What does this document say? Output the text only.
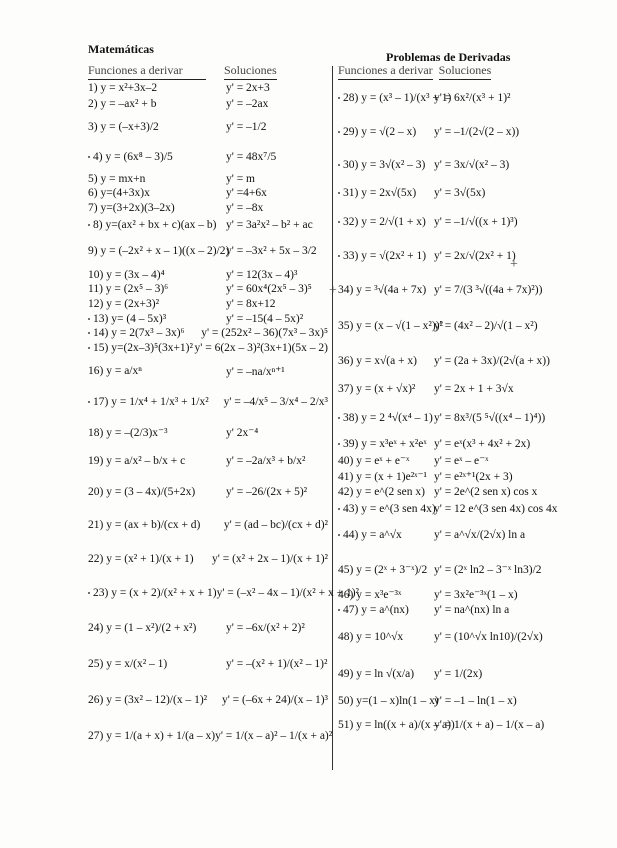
Matemáticas
Problemas de Derivadas
Funciones a derivar	Soluciones
1) y = x²+3x–2	y' = 2x+3
2) y = –ax² + b	y' = –2ax
3) y = (–x+3)/2	y' = –1/2
4) y = (6x⁸ – 3)/5	y' = 48x⁷/5
5) y = mx+n	y' = m
6) y=(4+3x)x	y' =4+6x
7) y=(3+2x)(3–2x)	y' = –8x
8) y=(ax² + bx + c)(ax – b) y' = 3a²x² – b² + ac
9) y = (–2x² + x – 1)((x – 2)/2)
y' = –3x² + 5x – 3/2
10) y = (3x – 4)⁴	y' = 12(3x – 4)³
11) y = (2x⁵ – 3)⁶	y' = 60x⁴(2x⁵ – 3)⁵
12) y = (2x+3)²	y' = 8x+12
13) y= (4 – 5x)³	y' = –15(4 – 5x)²
14) y = 2(7x³ – 3x)⁶	y' = (252x² – 36)(7x³ – 3x)⁵
15) y=(2x–3)⁵(3x+1)² y' = 6(2x – 3)²(3x+1)(5x – 2)
16) y = a/xⁿ	y' = –na/xⁿ⁺¹
17) y = 1/x⁴ + 1/x³ + 1/x²	y' = –4/x⁵ – 3/x⁴ – 2/x³
18) y = –(2/3)x⁻³	y' 2x⁻⁴
19) y = a/x² – b/x + c	y' = –2a/x³ + b/x²
20) y = (3 – 4x)/(5+2x)	y' = –26/(2x + 5)²
21) y = (ax + b)/(cx + d)	y' = (ad – bc)/(cx + d)²
22) y = (x² + 1)/(x + 1)	y' = (x² + 2x – 1)/(x + 1)²
23) y = (x + 2)/(x² + x + 1) y' = (–x² – 4x – 1)/(x² + x + 1)²
24) y = (1 – x²)/(2 + x²)	y' = –6x/(x² + 2)²
25) y = x/(x² – 1)	y' = –(x² + 1)/(x² – 1)²
26) y = (3x² – 12)/(x – 1)²	y' = (–6x + 24)/(x – 1)³
27) y = 1/(a + x) + 1/(a – x) y' = 1/(x – a)² – 1/(x + a)²
Funciones a derivar Soluciones
28) y = (x³ – 1)/(x³ + 1)
y' = 6x²/(x³ + 1)²
29) y = √(2 – x)	y' = –1/(2√(2 – x))
30) y = 3√(x² – 3) y' = 3x/√(x² – 3)
31) y = 2x√(5x)	y' = 3√(5x)
32) y = 2/√(1 + x) y' = –1/√((x + 1)³)
33) y = √(2x² + 1) y' = 2x/√(2x² + 1)
34) y = ³√(4a + 7x) y' = 7/(3 ³√((4a + 7x)²))
35) y = (x – √(1 – x²))²
y' = (4x² – 2)/√(1 – x²)
36) y = x√(a + x)	y' = (2a + 3x)/(2√(a + x))
37) y = (x + √x)²	y' = 2x + 1 + 3√x
38) y = 2 ⁴√(x⁴ – 1) y' = 8x³/(5 ⁵√((x⁴ – 1)⁴))
39) y = x³eˣ + x²eˣ y' = eˣ(x³ + 4x² + 2x)
40) y = eˣ + e⁻ˣ	y' = eˣ – e⁻ˣ
41) y = (x + 1)e²ˣ⁻¹ y' = e²ˣ⁺¹(2x + 3)
42) y = e^(2 sen x) y' = 2e^(2 sen x) cos x
43) y = e^(3 sen 4x)
y' = 12 e^(3 sen 4x) cos 4x
44) y = a^√x	y' = a^√x/(2√x) ln a
45) y = (2ˣ + 3⁻ˣ)/2 y' = (2ˣ ln2 – 3⁻ˣ ln3)/2
46) y = x³e⁻³ˣ	y' = 3x²e⁻³ˣ(1 – x)
47) y = a^(nx)	y' = na^(nx) ln a
48) y = 10^√x	y' = (10^√x ln10)/(2√x)
49) y = ln √(x/a)	y' = 1/(2x)
50) y=(1 – x)ln(1 – x)
y' = –1 – ln(1 – x)
51) y = ln((x + a)/(x – a))
y' = 1/(x + a) – 1/(x – a)
+
+
